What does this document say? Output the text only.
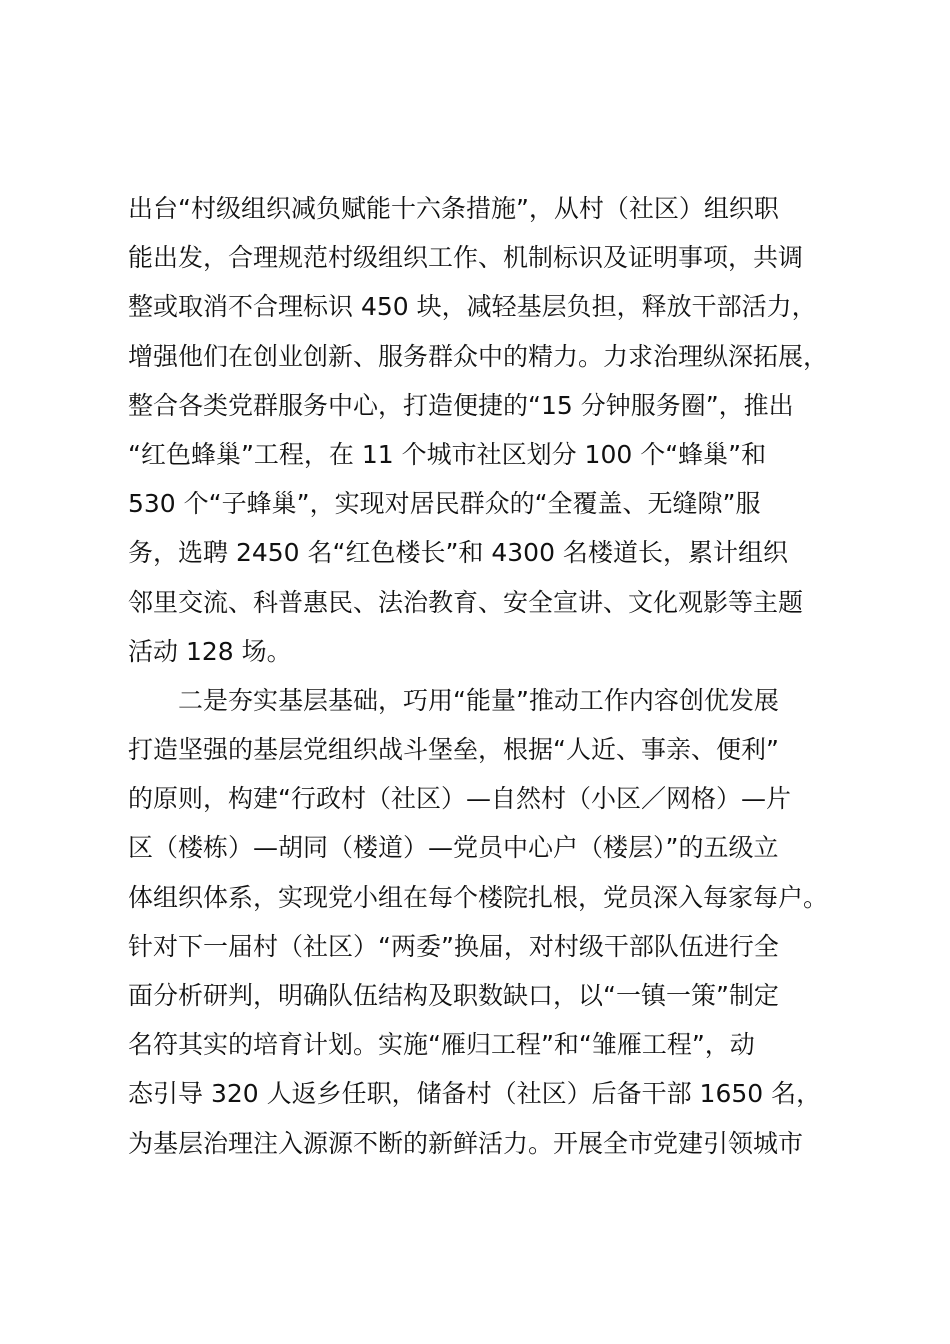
出台“村级组织减负赋能十六条措施”，从村（社区）组织职
能出发，合理规范村级组织工作、机制标识及证明事项，共调
整或取消不合理标识 450 块，减轻基层负担，释放干部活力，
增强他们在创业创新、服务群众中的精力。力求治理纵深拓展，
整合各类党群服务中心，打造便捷的“15 分钟服务圈”，推出
“红色蜂巢”工程，在 11 个城市社区划分 100 个“蜂巢”和
530 个“子蜂巢”，实现对居民群众的“全覆盖、无缝隙”服
务，选聘 2450 名“红色楼长”和 4300 名楼道长，累计组织
邻里交流、科普惠民、法治教育、安全宣讲、文化观影等主题
活动 128 场。
二是夯实基层基础，巧用“能量”推动工作内容创优发展
打造坚强的基层党组织战斗堡垒，根据“人近、事亲、便利”
的原则，构建“行政村（社区）—自然村（小区／网格）—片
区（楼栋）—胡同（楼道）—党员中心户（楼层）”的五级立
体组织体系，实现党小组在每个楼院扎根，党员深入每家每户。
针对下一届村（社区）“两委”换届，对村级干部队伍进行全
面分析研判，明确队伍结构及职数缺口，以“一镇一策”制定
名符其实的培育计划。实施“雁归工程”和“雏雁工程”，动
态引导 320 人返乡任职，储备村（社区）后备干部 1650 名，
为基层治理注入源源不断的新鲜活力。开展全市党建引领城市
